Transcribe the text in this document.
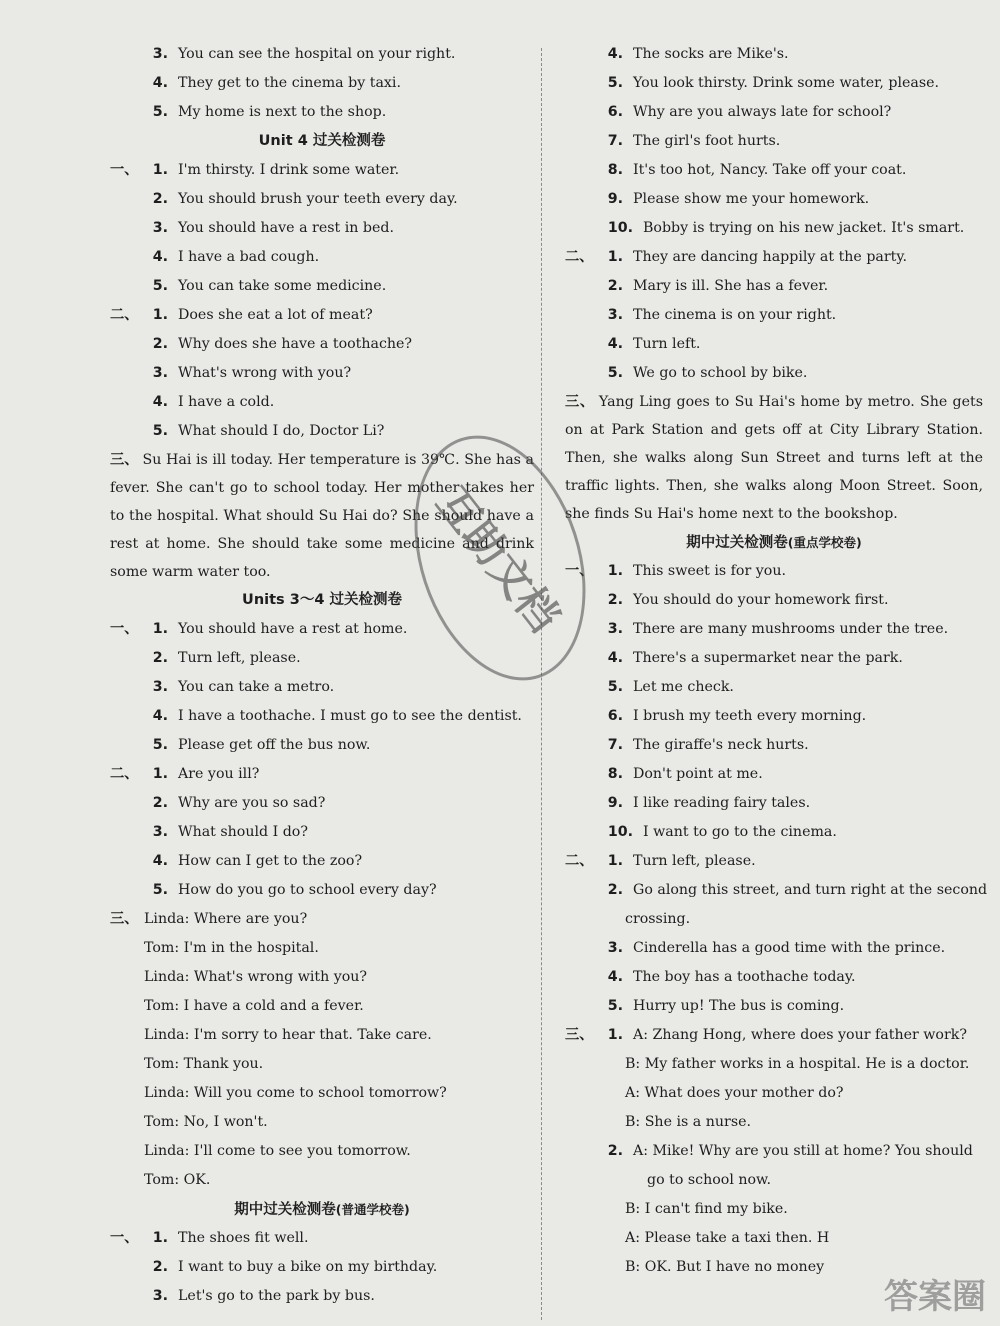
3. You can see the hospital on your right.
4. They get to the cinema by taxi.
5. My home is next to the shop.
Unit 4 过关检测卷
一、 1. I'm thirsty. I drink some water.
2. You should brush your teeth every day.
3. You should have a rest in bed.
4. I have a bad cough.
5. You can take some medicine.
二、 1. Does she eat a lot of meat?
2. Why does she have a toothache?
3. What's wrong with you?
4. I have a cold.
5. What should I do, Doctor Li?
三、 Su Hai is ill today. Her temperature is 39℃. She has a fever. She can't go to school today. Her mother takes her to the hospital. What should Su Hai do? She should have a rest at home. She should take some medicine and drink some warm water too.
Units 3～4 过关检测卷
一、 1. You should have a rest at home.
2. Turn left, please.
3. You can take a metro.
4. I have a toothache. I must go to see the dentist.
5. Please get off the bus now.
二、 1. Are you ill?
2. Why are you so sad?
3. What should I do?
4. How can I get to the zoo?
5. How do you go to school every day?
三、 Linda: Where are you?
Tom: I'm in the hospital.
Linda: What's wrong with you?
Tom: I have a cold and a fever.
Linda: I'm sorry to hear that. Take care.
Tom: Thank you.
Linda: Will you come to school tomorrow?
Tom: No, I won't.
Linda: I'll come to see you tomorrow.
Tom: OK.
期中过关检测卷(普通学校卷)
一、 1. The shoes fit well.
2. I want to buy a bike on my birthday.
3. Let's go to the park by bus.
4. The socks are Mike's.
5. You look thirsty. Drink some water, please.
6. Why are you always late for school?
7. The girl's foot hurts.
8. It's too hot, Nancy. Take off your coat.
9. Please show me your homework.
10. Bobby is trying on his new jacket. It's smart.
二、 1. They are dancing happily at the party.
2. Mary is ill. She has a fever.
3. The cinema is on your right.
4. Turn left.
5. We go to school by bike.
三、 Yang Ling goes to Su Hai's home by metro. She gets on at Park Station and gets off at City Library Station. Then, she walks along Sun Street and turns left at the traffic lights. Then, she walks along Moon Street. Soon, she finds Su Hai's home next to the bookshop.
期中过关检测卷(重点学校卷)
一、 1. This sweet is for you.
2. You should do your homework first.
3. There are many mushrooms under the tree.
4. There's a supermarket near the park.
5. Let me check.
6. I brush my teeth every morning.
7. The giraffe's neck hurts.
8. Don't point at me.
9. I like reading fairy tales.
10. I want to go to the cinema.
二、 1. Turn left, please.
2. Go along this street, and turn right at the second
crossing.
3. Cinderella has a good time with the prince.
4. The boy has a toothache today.
5. Hurry up! The bus is coming.
三、 1. A: Zhang Hong, where does your father work?
B: My father works in a hospital. He is a doctor.
A: What does your mother do?
B: She is a nurse.
2. A: Mike! Why are you still at home? You should
go to school now.
B: I can't find my bike.
A: Please take a taxi then. H
B: OK. But I have no money
互助文档
答案圈
